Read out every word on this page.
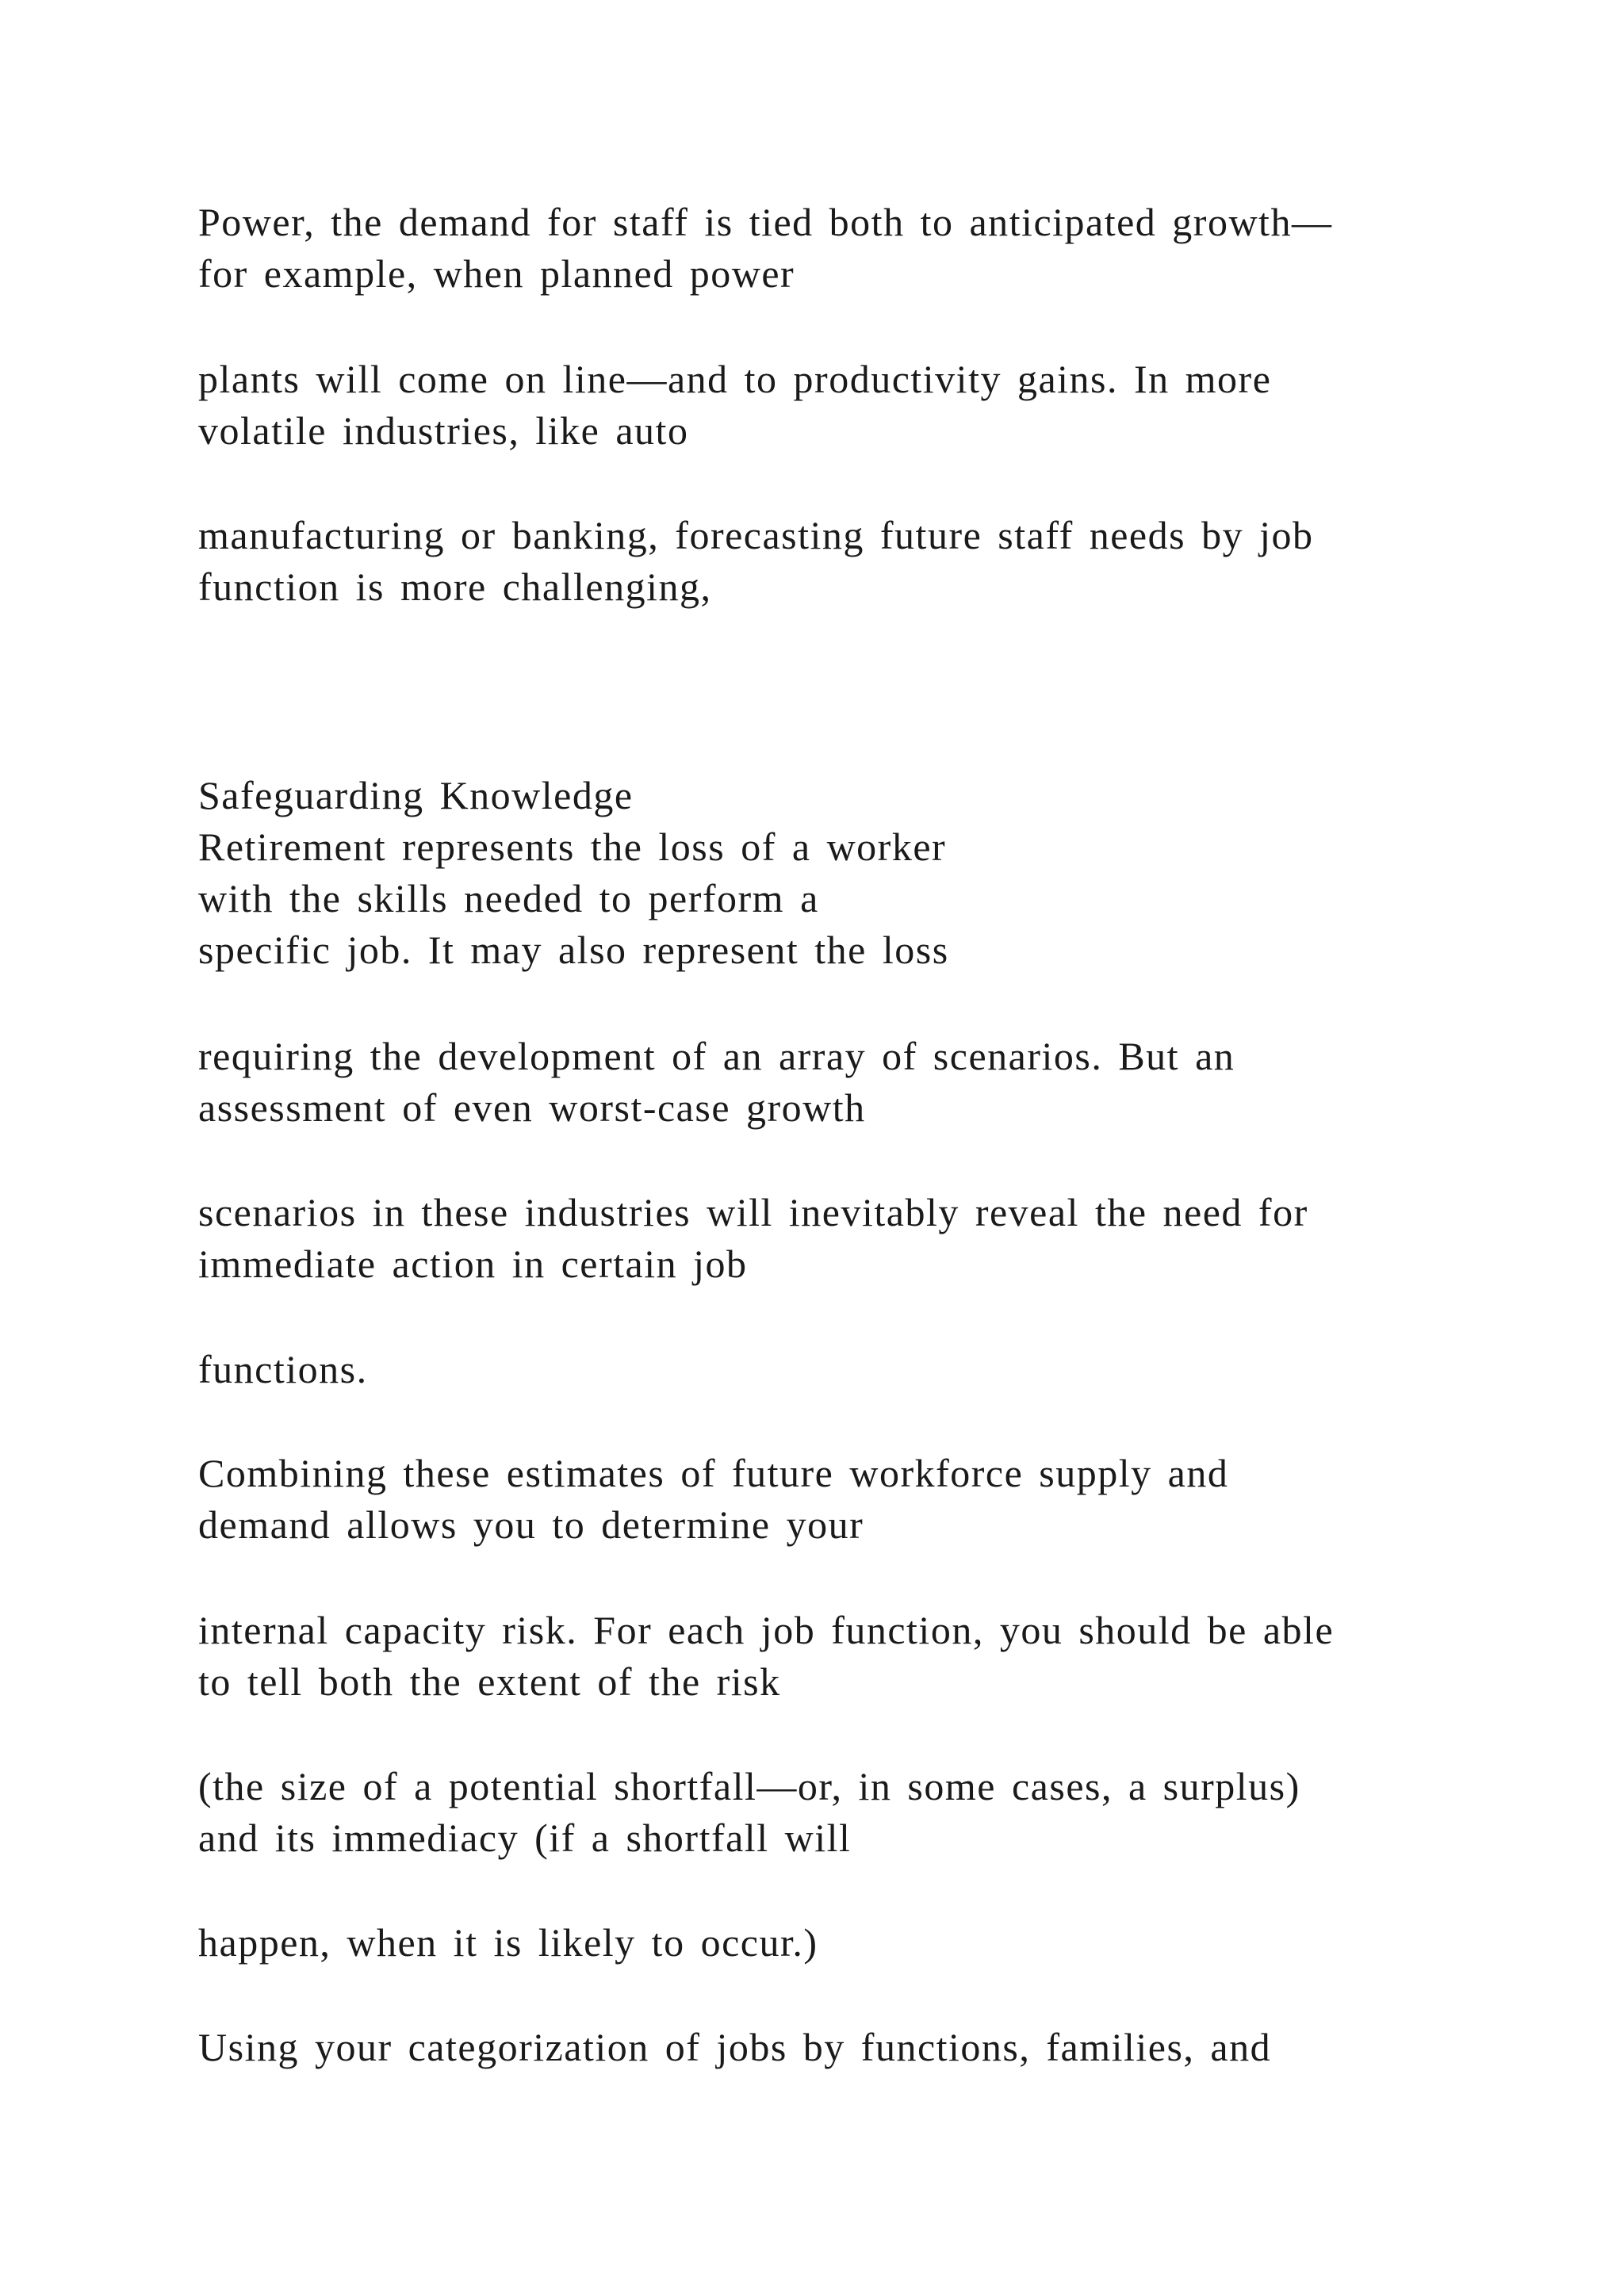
Power, the demand for staff is tied both to anticipated growth—
for example, when planned power
plants will come on line—and to productivity gains. In more
volatile industries, like auto
manufacturing or banking, forecasting future staff needs by job
function is more challenging,
Safeguarding Knowledge
Retirement represents the loss of a worker
with the skills needed to perform a
specific job. It may also represent the loss
requiring the development of an array of scenarios. But an
assessment of even worst-case growth
scenarios in these industries will inevitably reveal the need for
immediate action in certain job
functions.
Combining these estimates of future workforce supply and
demand allows you to determine your
internal capacity risk. For each job function, you should be able
to tell both the extent of the risk
(the size of a potential shortfall—or, in some cases, a surplus)
and its immediacy (if a shortfall will
happen, when it is likely to occur.)
Using your categorization of jobs by functions, families, and
